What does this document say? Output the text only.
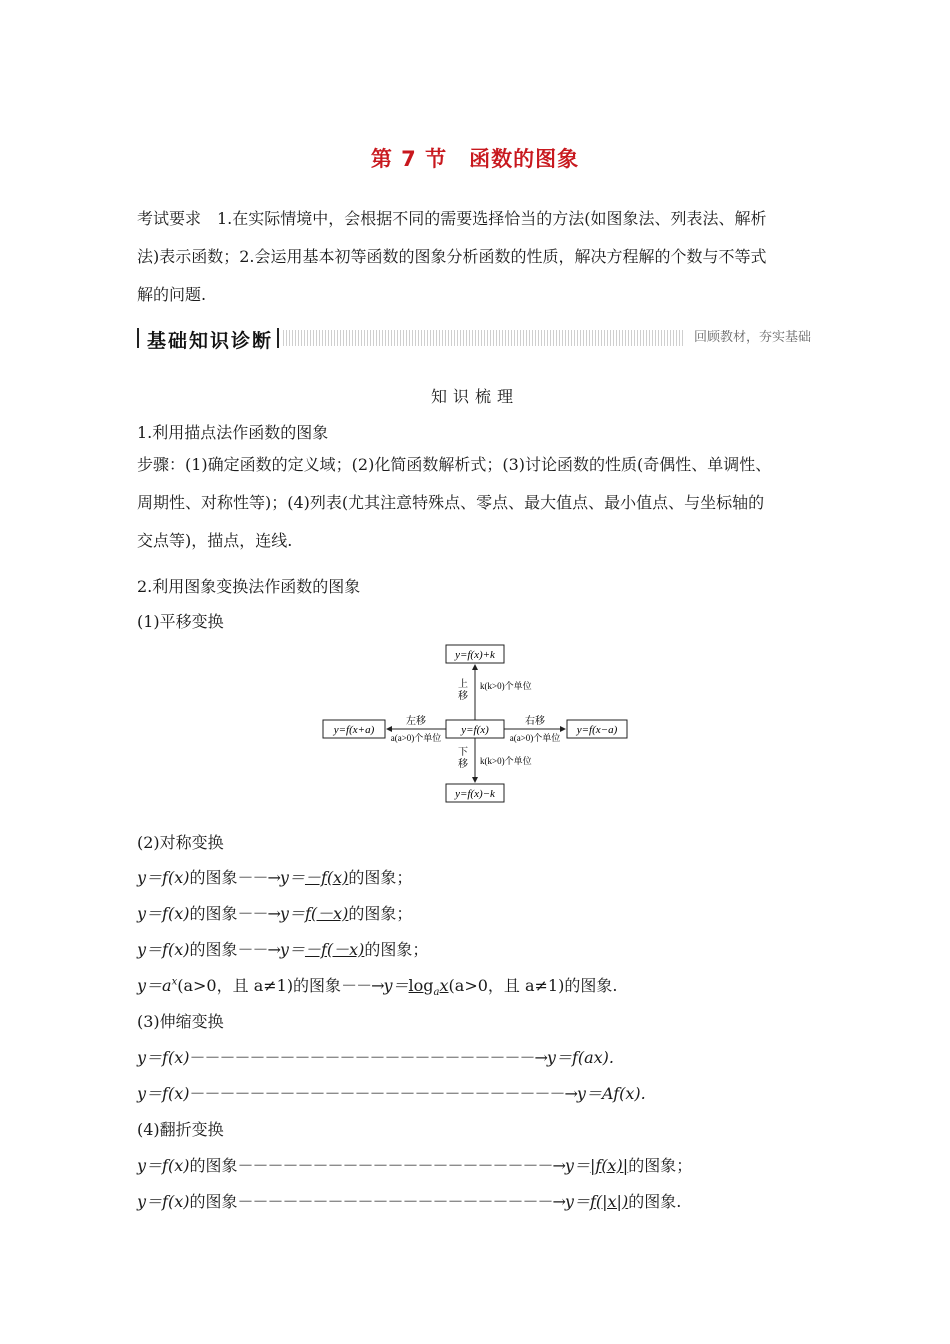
第 7 节　函数的图象
考试要求　1.在实际情境中，会根据不同的需要选择恰当的方法(如图象法、列表法、解析
法)表示函数；2.会运用基本初等函数的图象分析函数的性质，解决方程解的个数与不等式
解的问题.
基础知识诊断	回顾教材，夯实基础
知识梳理
1.利用描点法作函数的图象
步骤：(1)确定函数的定义域；(2)化简函数解析式；(3)讨论函数的性质(奇偶性、单调性、
周期性、对称性等)；(4)列表(尤其注意特殊点、零点、最大值点、最小值点、与坐标轴的
交点等)，描点，连线.
2.利用图象变换法作函数的图象
(1)平移变换
y=f(x)+k
y=f(x)
y=f(x)−k
y=f(x+a)	y=f(x−a)
上
移
k(k>0)个单位
下
移 k(k>0)个单位
左移
a(a>0)个单位
右移
a(a>0)个单位
(2)对称变换
y＝f(x)的图象－－→y＝－f(x)的图象；
y＝f(x)的图象－－→y＝f(－x)的图象；
y＝f(x)的图象－－→y＝－f(－x)的图象；
$y=a^x(a>0$，且 a≠1)的图象$--\to y=\log_ax(a>0$，且 a≠1)的图象.
(3)伸缩变换
y＝f(x)－－－－－－－－－－－－－－－－－－－－－－－→y＝f(ax).
y＝f(x)－－－－－－－－－－－－－－－－－－－－－－－－－→y＝Af(x).
(4)翻折变换
y＝f(x)的图象－－－－－－－－－－－－－－－－－－－－－→y＝|f(x)|的图象；
y＝f(x)的图象－－－－－－－－－－－－－－－－－－－－－→y＝f(|x|)的图象.
